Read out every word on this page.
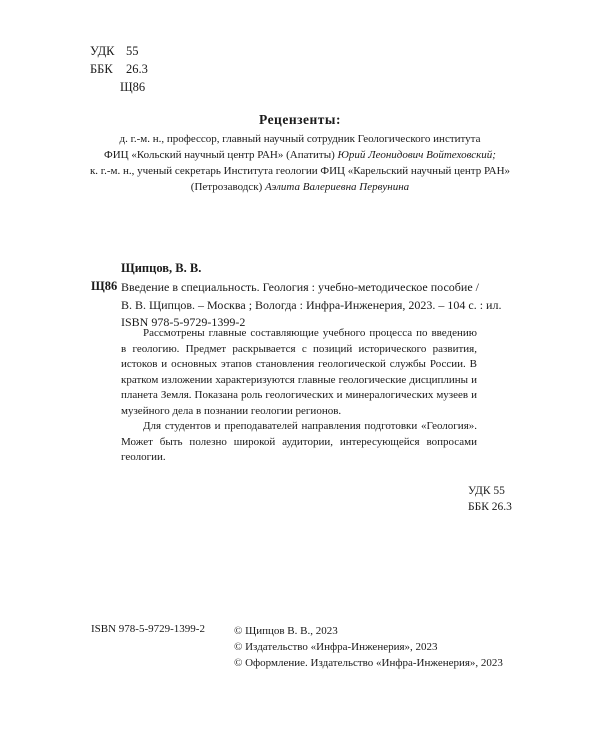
УДК 55
ББК	26.3
Щ86
Рецензенты:
д. г.-м. н., профессор, главный научный сотрудник Геологического института
ФИЦ «Кольский научный центр РАН» (Апатиты) Юрий Леонидович Войтеховский;
к. г.-м. н., ученый секретарь Института геологии ФИЦ «Карельский научный центр РАН»
(Петрозаводск) Аэлита Валериевна Первунина
Щипцов, В. В.
Щ86 Введение в специальность. Геология : учебно-методическое пособие /
В. В. Щипцов. – Москва ; Вологда : Инфра-Инженерия, 2023. – 104 с. : ил.
ISBN 978-5-9729-1399-2

Рассмотрены главные составляющие учебного процесса по введению в геологию. Предмет раскрывается с позиций исторического развития, истоков и основных этапов становления геологической службы России. В кратком изложении характеризуются главные геологические дисциплины и планета Земля. Показана роль геологических и минералогических музеев и музейного дела в познании геологии регионов.

Для студентов и преподавателей направления подготовки «Геология». Может быть полезно широкой аудитории, интересующейся вопросами геологии.

УДК 55
ББК 26.3
ISBN 978-5-9729-1399-2	© Щипцов В. В., 2023
© Издательство «Инфра-Инженерия», 2023
© Оформление. Издательство «Инфра-Инженерия», 2023
